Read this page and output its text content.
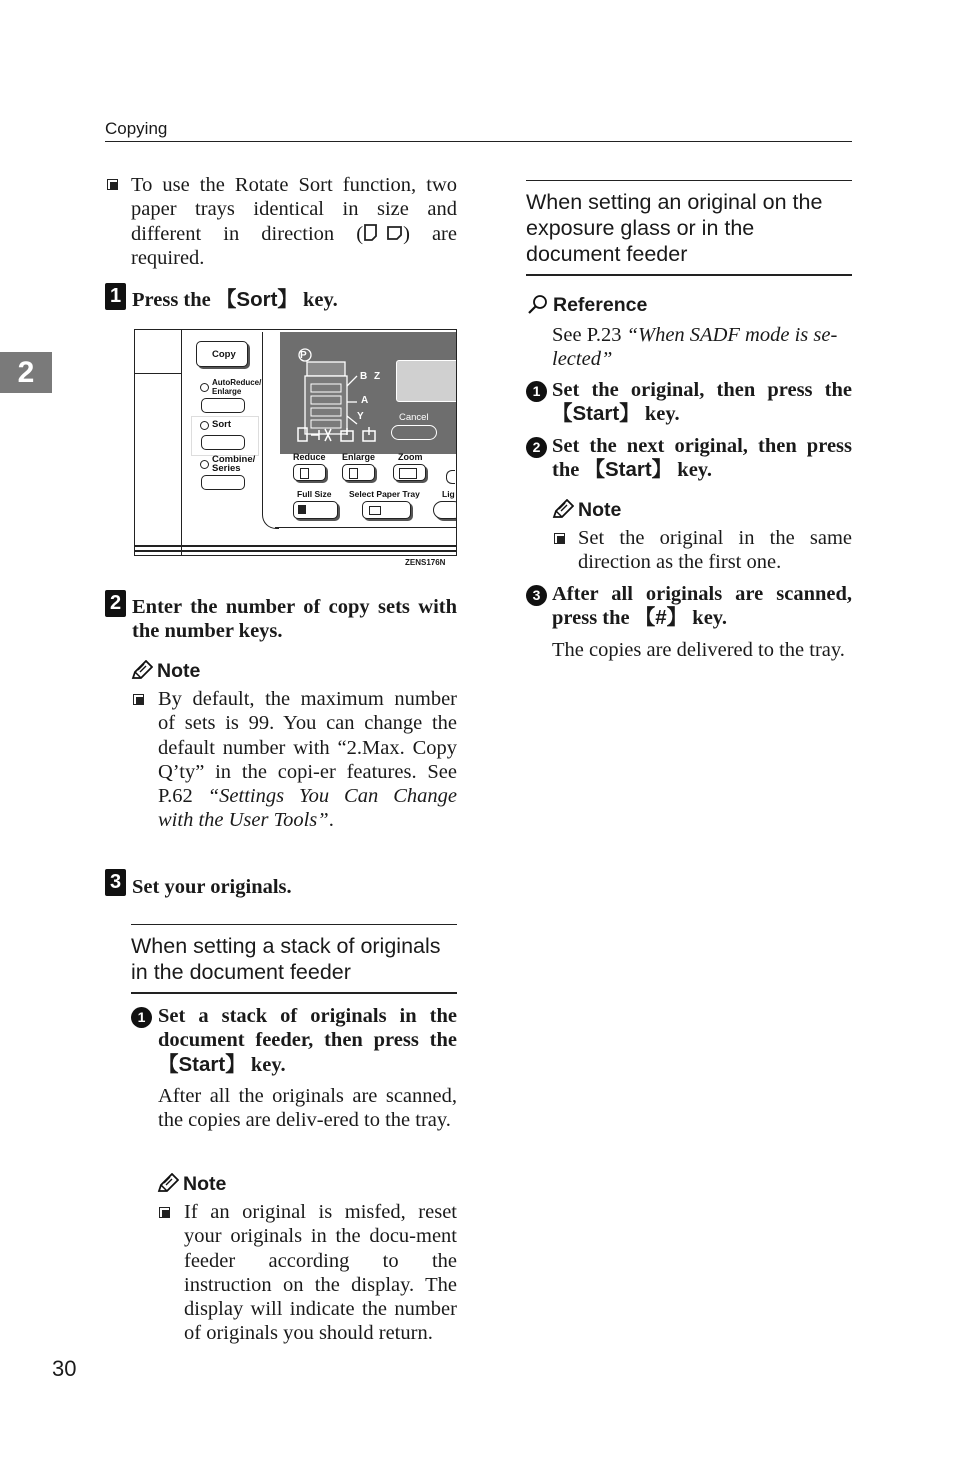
Copying
2
To use the Rotate Sort function, two paper trays identical in size and different in direction ( ) are required.
1 Press the 【Sort】 key.
Copy
AutoReduce/
Enlarge
Sort
Combine/
Series
P
B Z
A
Y	Cancel
Reduce Enlarge	Zoom
Full Size Select Paper Tray	Lig
ZENS176N
2 Enter the number of copy sets with the number keys.
Note
By default, the maximum number of sets is 99. You can change the default number with “2.Max. Copy Q’ty” in the copi-er features. See P.62 “Settings You Can Change with the User Tools”.
3 Set your originals.
When setting a stack of originals in the document feeder
1 Set a stack of originals in the document feeder, then press the 【Start】 key.
After all the originals are scanned, the copies are deliv-ered to the tray.
Note
If an original is misfed, reset your originals in the docu-ment feeder according to the instruction on the display. The display will indicate the number of originals you should return.
30
When setting an original on the exposure glass or in the document feeder
Reference
See P.23 “When SADF mode is se-lected”
1 Set the original, then press the 【Start】 key.
2 Set the next original, then press the 【Start】 key.
Note
Set the original in the same direction as the first one.
3 After all originals are scanned, press the 【#】 key.
The copies are delivered to the tray.
